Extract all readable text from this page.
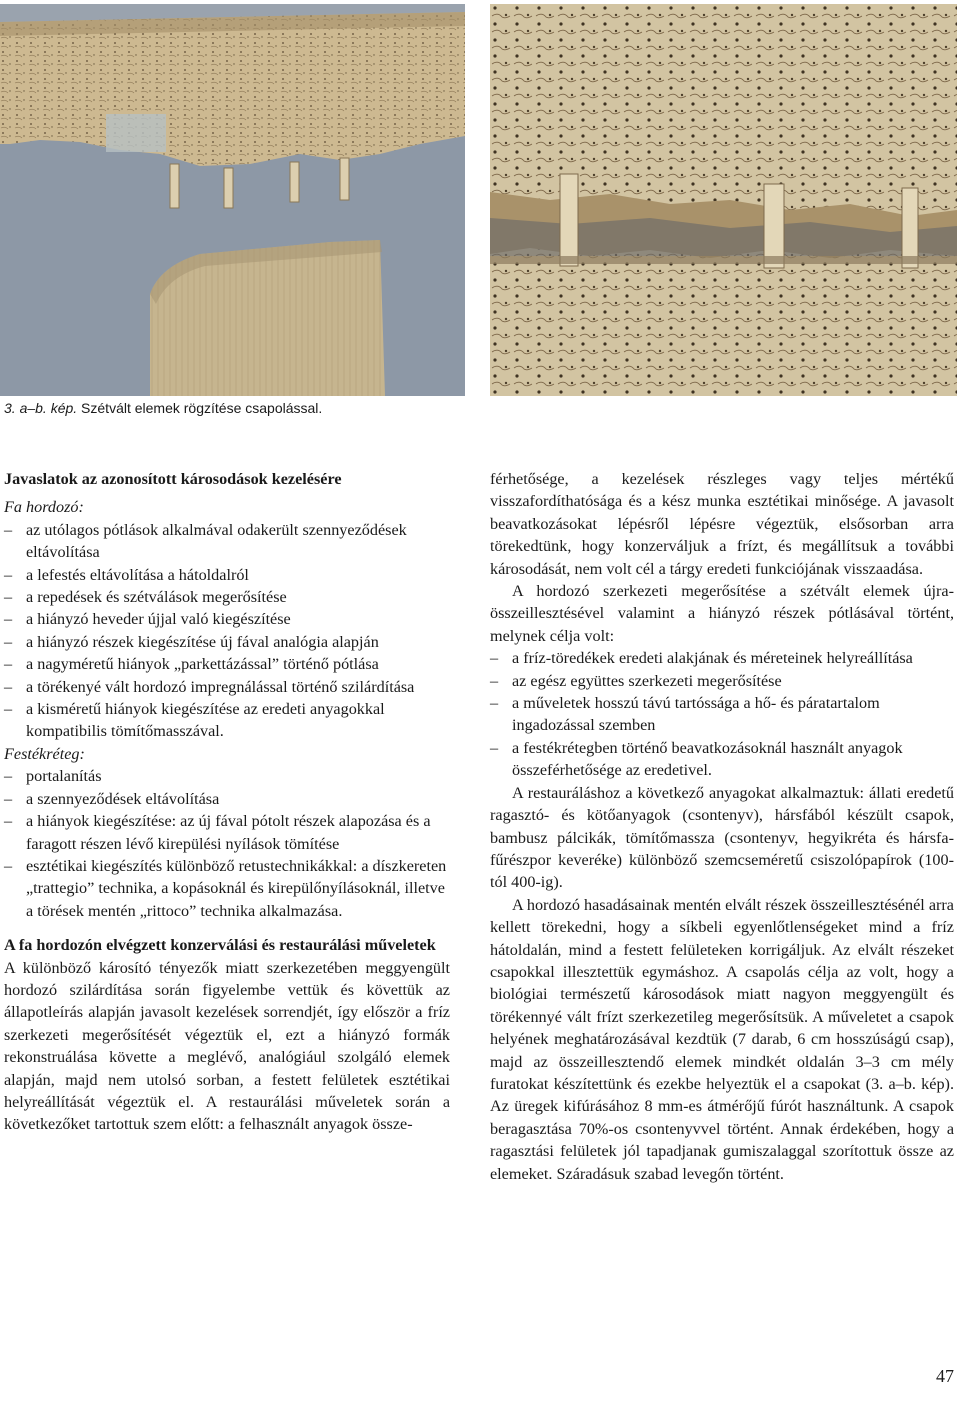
3. a–b. kép. Szétvált elemek rögzítése csapolással.

Javaslatok az azonosított károsodások kezelésére

Fa hordozó:

– az utólagos pótlások alkalmával odakerült szennyeződések eltávolítása
– a lefestés eltávolítása a hátoldalról
– a repedések és szétválások megerősítése
– a hiányzó heveder újjal való kiegészítése
– a hiányzó részek kiegészítése új fával analógia alapján
– a nagyméretű hiányok „parkettázással” történő pótlása
– a törékenyé vált hordozó impregnálással történő szilárdítása
– a kisméretű hiányok kiegészítése az eredeti anyagokkal kompatibilis tömítőmasszával.

Festékréteg:

– portalanítás
– a szennyeződések eltávolítása
– a hiányok kiegészítése: az új fával pótolt részek alapozása és a faragott részen lévő kirepülési nyílások tömítése
– esztétikai kiegészítés különböző retustechnikákkal: a díszkereten „trattegio” technika, a kopásoknál és kirepülőnyílásoknál, illetve a törések mentén „rittoco” technika alkalmazása.

A fa hordozón elvégzett konzerválási és restaurálási műveletek

A különböző károsító tényezők miatt szerkezetében meggyengült hordozó szilárdítása során figyelembe vettük és követtük az állapotleírás alapján javasolt kezelések sorrendjét, így először a fríz szerkezeti megerősítését végeztük el, ezt a hiányzó formák rekonstruálása követte a meglévő, analógiául szolgáló elemek alapján, majd nem utolsó sorban, a festett felületek esztétikai helyreállítását végeztük el. A restaurálási műveletek során a következőket tartottuk szem előtt: a felhasznált anyagok össze-

férhetősége, a kezelések részleges vagy teljes mértékű visszafordíthatósága és a kész munka esztétikai minősége. A javasolt beavatkozásokat lépésről lépésre végeztük, elsősorban arra törekedtünk, hogy konzerváljuk a frízt, és megállítsuk a további károsodását, nem volt cél a tárgy eredeti funkciójának visszaadása.

A hordozó szerkezeti megerősítése a szétvált elemek újra-összeillesztésével valamint a hiányzó részek pótlásával történt, melynek célja volt:

– a fríz-töredékek eredeti alakjának és méreteinek helyreállítása
– az egész együttes szerkezeti megerősítése
– a műveletek hosszú távú tartóssága a hő- és páratartalom ingadozással szemben
– a festékrétegben történő beavatkozásoknál használt anyagok összeférhetősége az eredetivel.

A restauráláshoz a következő anyagokat alkalmaztuk: állati eredetű ragasztó- és kötőanyagok (csontenyv), hársfából készült csapok, bambusz pálcikák, tömítőmassza (csontenyv, hegyikréta és hársfa-fűrészpor keveréke) különböző szemcseméretű csiszolópapírok (100-tól 400-ig).

A hordozó hasadásainak mentén elvált részek összeillesztésénél arra kellett törekedni, hogy a síkbeli egyenlőtlenségeket mind a fríz hátoldalán, mind a festett felületeken korrigáljuk. Az elvált részeket csapokkal illesztettük egymáshoz. A csapolás célja az volt, hogy a biológiai természetű károsodások miatt nagyon meggyengült és törékennyé vált frízt szerkezetileg megerősítsük. A műveletet a csapok helyének meghatározásával kezdtük (7 darab, 6 cm hosszúságú csap), majd az összeillesztendő elemek mindkét oldalán 3–3 cm mély furatokat készítettünk és ezekbe helyeztük el a csapokat (3. a–b. kép). Az üregek kifúrásához 8 mm-es átmérőjű fúrót használtunk. A csapok beragasztása 70%-os csontenyvvel történt. Annak érdekében, hogy a ragasztási felületek jól tapadjanak gumiszalaggal szorítottuk össze az elemeket. Száradásuk szabad levegőn történt.

47
